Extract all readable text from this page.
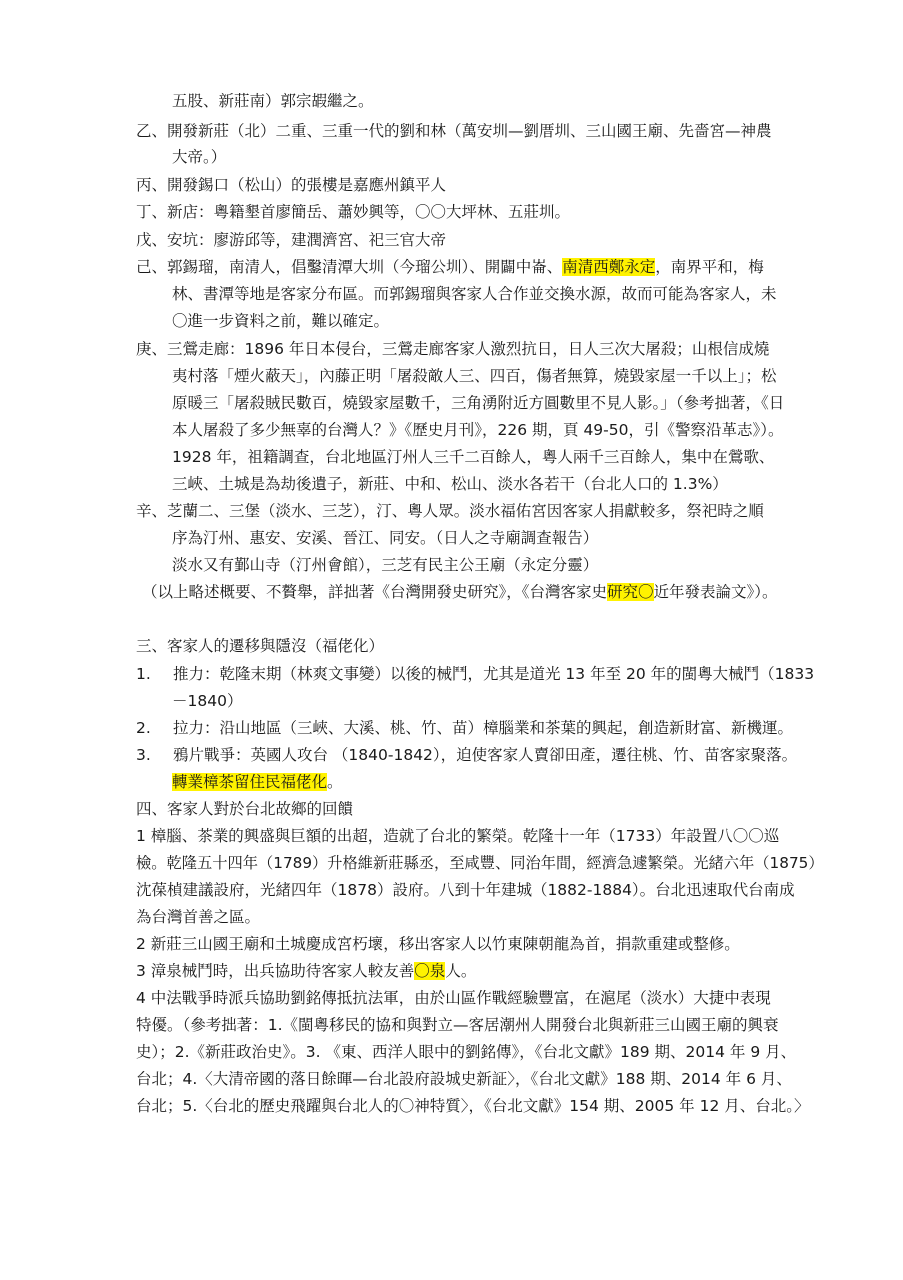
五股、新莊南）郭宗嘏繼之。

乙、開發新莊（北）二重、三重一代的劉和林（萬安圳—劉厝圳、三山國王廟、先嗇宮—神農

大帝。）

丙、開發錫口（松山）的張樓是嘉應州鎮平人

丁、新店：粵籍墾首廖簡岳、蕭妙興等，〇〇大坪林、五莊圳。

戊、安坑：廖游邱等，建潤濟宮、祀三官大帝

己、郭錫瑠，南清人，倡鑿清潭大圳（今瑠公圳）、開闢中崙、南清西鄭永定，南界平和，梅

林、書潭等地是客家分布區。而郭錫瑠與客家人合作並交換水源，故而可能為客家人，未

〇進一步資料之前，難以確定。

庚、三鶯走廊：1896 年日本侵台，三鶯走廊客家人激烈抗日，日人三次大屠殺；山根信成燒

夷村落「煙火蔽天」，內藤正明「屠殺敵人三、四百，傷者無算，燒毀家屋一千以上」；松

原暖三「屠殺賊民數百，燒毀家屋數千，三角湧附近方圓數里不見人影。」（參考拙著，《日

本人屠殺了多少無辜的台灣人？》《歷史月刊》，226 期，頁 49-50，引《警察沿革志》）。

1928 年，祖籍調查，台北地區汀州人三千二百餘人，粵人兩千三百餘人，集中在鶯歌、

三峽、土城是為劫後遺子，新莊、中和、松山、淡水各若干（台北人口的 1.3%）

辛、芝蘭二、三堡（淡水、三芝），汀、粵人眾。淡水福佑宮因客家人捐獻較多，祭祀時之順

序為汀州、惠安、安溪、晉江、同安。（日人之寺廟調查報告）

淡水又有鄞山寺（汀州會館），三芝有民主公王廟（永定分靈）

（以上略述概要、不贅舉，詳拙著《台灣開發史研究》，《台灣客家史研究〇近年發表論文》）。

三、客家人的遷移與隱沒（福佬化）

1. 推力：乾隆末期（林爽文事變）以後的械鬥，尤其是道光 13 年至 20 年的閩粵大械鬥（1833

－1840）

2. 拉力：沿山地區（三峽、大溪、桃、竹、苗）樟腦業和茶葉的興起，創造新財富、新機運。

3. 鴉片戰爭：英國人攻台 （1840-1842），迫使客家人賣卻田產，遷往桃、竹、苗客家聚落。

轉業樟茶留住民福佬化。

四、客家人對於台北故鄉的回饋

1 樟腦、茶業的興盛與巨額的出超，造就了台北的繁榮。乾隆十一年（1733）年設置八〇〇巡

檢。乾隆五十四年（1789）升格維新莊縣丞，至咸豐、同治年間，經濟急遽繁榮。光緒六年（1875）

沈葆楨建議設府，光緒四年（1878）設府。八到十年建城（1882-1884）。台北迅速取代台南成

為台灣首善之區。

2 新莊三山國王廟和土城慶成宮朽壞，移出客家人以竹東陳朝龍為首，捐款重建或整修。

3 漳泉械鬥時，出兵協助待客家人較友善〇泉人。

4 中法戰爭時派兵協助劉銘傳抵抗法軍，由於山區作戰經驗豐富，在滬尾（淡水）大捷中表現

特優。（參考拙著：1.《閩粵移民的協和與對立—客居潮州人開發台北與新莊三山國王廟的興衰

史）；2.《新莊政治史》。3. 《東、西洋人眼中的劉銘傳》，《台北文獻》189 期、2014 年 9 月、

台北；4.〈大清帝國的落日餘暉—台北設府設城史新証〉，《台北文獻》188 期、2014 年 6 月、

台北；5.〈台北的歷史飛躍與台北人的〇神特質〉，《台北文獻》154 期、2005 年 12 月、台北。〉
